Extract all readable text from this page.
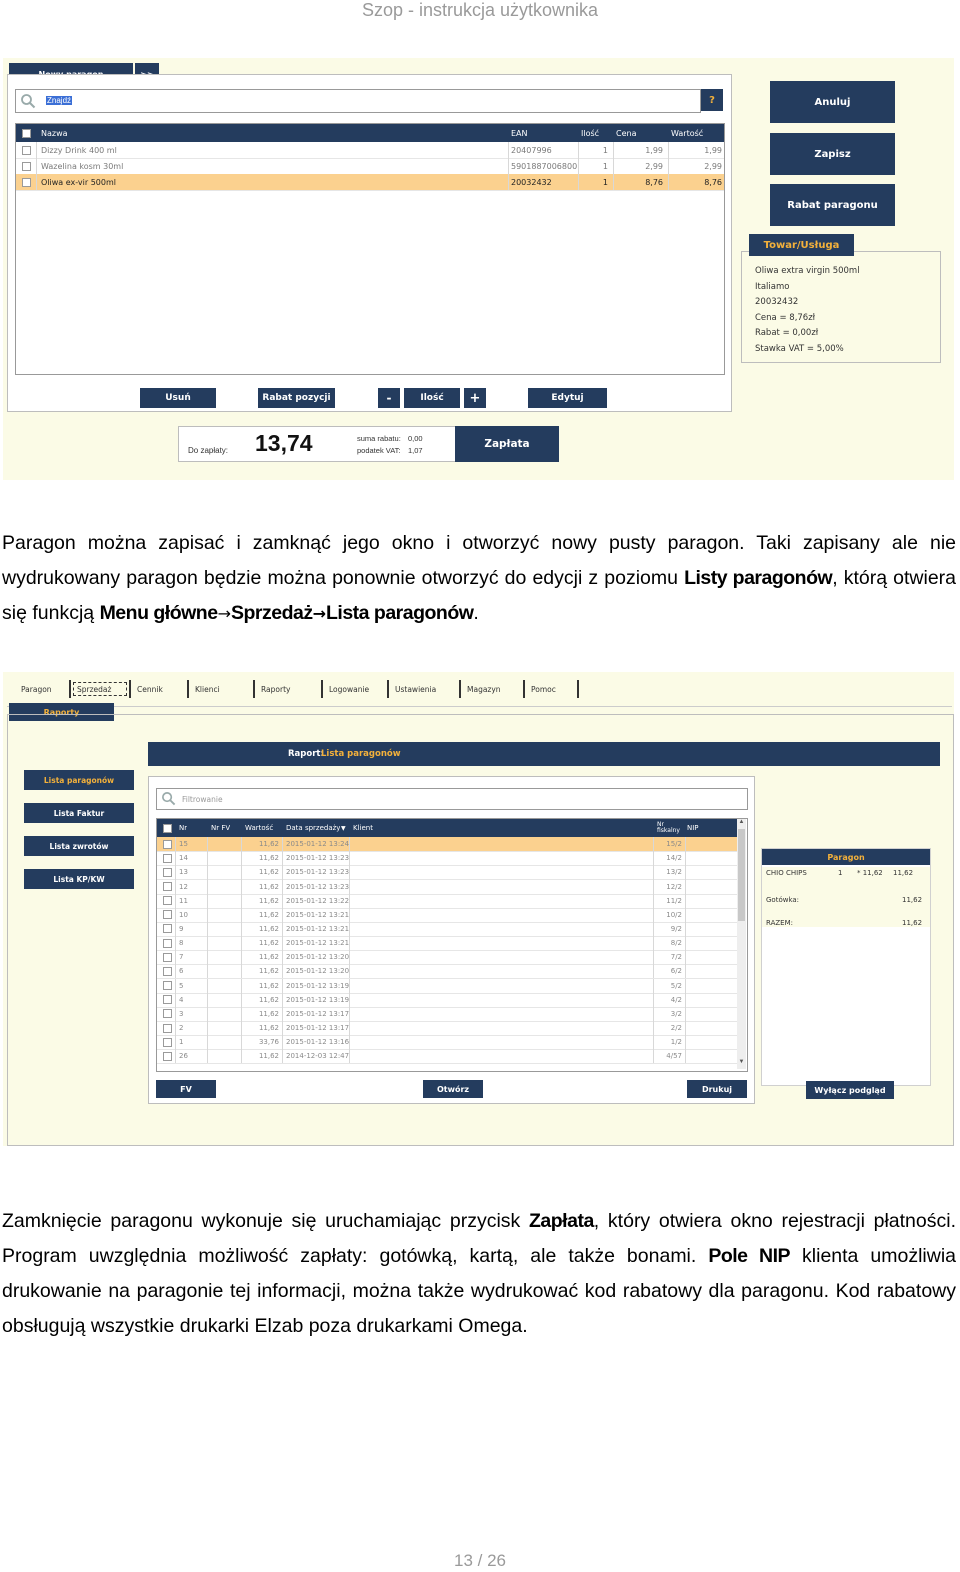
Szop - instrukcja użytkownika
Znajdź	?
Nazwa	EAN	Ilość Cena	Wartość
Dizzy Drink 400 ml	20407996	1	1,99	1,99
Wazelina kosm 30ml	5901887006800	1	2,99	2,99
Oliwa ex-vir 500ml	20032432	1	8,76	8,76
Usuń	Rabat pozycji	-	Ilość	+	Edytuj
Anuluj
Zapisz
Rabat paragonu
Oliwa extra virgin 500ml
Italiamo
20032432
Cena = 8,76zł
Rabat = 0,00zł
Stawka VAT = 5,00%
Towar/Usługa
Do zapłaty: 13,74	suma rabatu: 0,00
podatek VAT: 1,07
Zapłata
Paragon można zapisać i zamknąć jego okno i otworzyć nowy pusty paragon. Taki zapisany ale nie wydrukowany paragon będzie można ponownie otworzyć do edycji z poziomu Listy paragonów, którą otwiera się funkcją Menu główne→Sprzedaż→Lista paragonów.
Paragon	Sprzedaż	Cennik	Klienci	Raporty	Logowanie	Ustawienia	Magazyn	Pomoc
Raporty
Lista paragonów
Lista Faktur
Lista zwrotów
Lista KP/KW
Raport:
Lista paragonów
Filtrowanie
Nr	Nr FV Wartość Data sprzedaży ▼ Klient	Nr fiskalny	NIP
15	11,62 2015-01-12 13:24	15/2
14	11,62 2015-01-12 13:23	14/2
13	11,62 2015-01-12 13:23	13/2
12	11,62 2015-01-12 13:23	12/2
11	11,62 2015-01-12 13:22	11/2
10	11,62 2015-01-12 13:21	10/2
9	11,62 2015-01-12 13:21	9/2
8	11,62 2015-01-12 13:21	8/2
7	11,62 2015-01-12 13:20	7/2
6	11,62 2015-01-12 13:20	6/2
5	11,62 2015-01-12 13:19	5/2
4	11,62 2015-01-12 13:19	4/2
3	11,62 2015-01-12 13:17	3/2
2	11,62 2015-01-12 13:17	2/2
1	33,76 2015-01-12 13:16	1/2
26	11,62 2014-12-03 12:47	4/57
▲
▼
FV	Otwórz	Drukuj
Paragon
CHIO CHIPS	1 * 11,62 11,62
Gotówka:	11,62
RAZEM:	11,62
Wyłącz podgląd
Zamknięcie paragonu wykonuje się uruchamiając przycisk Zapłata, który otwiera okno rejestracji płatności. Program uwzględnia możliwość zapłaty: gotówką, kartą, ale także bonami. Pole NIP klienta umożliwia drukowanie na paragonie tej informacji, można także wydrukować kod rabatowy dla paragonu. Kod rabatowy obsługują wszystkie drukarki Elzab poza drukarkami Omega.
13 / 26
